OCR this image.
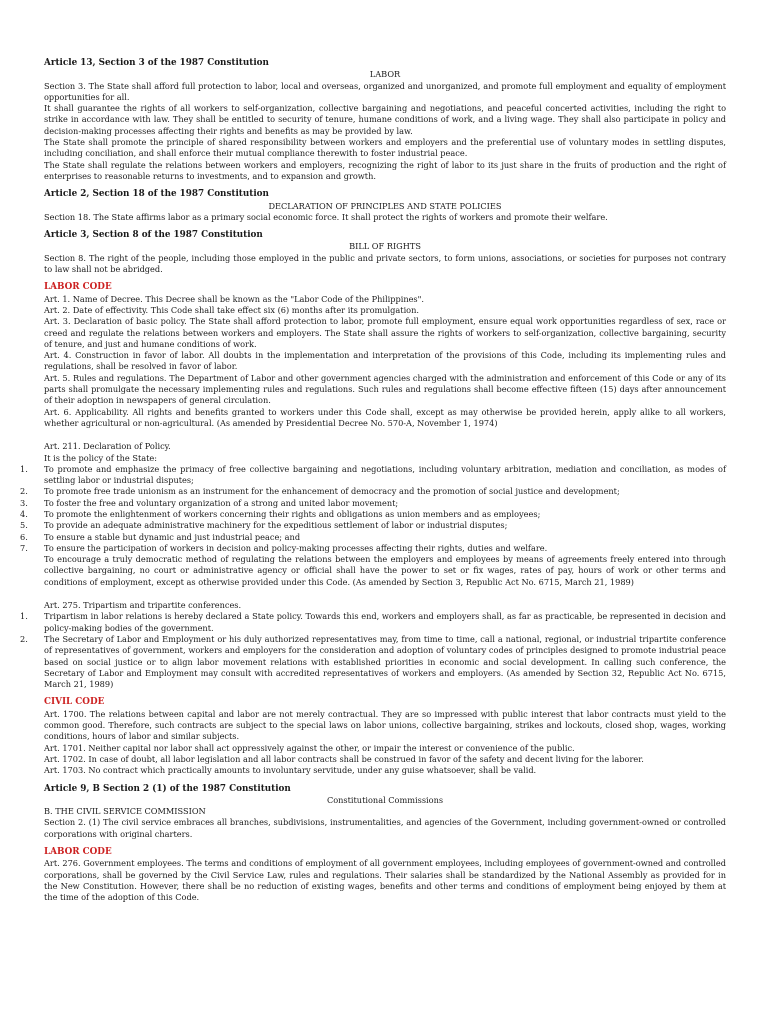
Article 13, Section 3 of the 1987 Constitution
LABOR
Section 3. The State shall afford full protection to labor, local and overseas, organized and unorganized, and promote full employment and equality of employment opportunities for all.
It shall guarantee the rights of all workers to self-organization, collective bargaining and negotiations, and peaceful concerted activities, including the right to strike in accordance with law. They shall be entitled to security of tenure, humane conditions of work, and a living wage. They shall also participate in policy and decision-making processes affecting their rights and benefits as may be provided by law.
The State shall promote the principle of shared responsibility between workers and employers and the preferential use of voluntary modes in settling disputes, including conciliation, and shall enforce their mutual compliance therewith to foster industrial peace.
The State shall regulate the relations between workers and employers, recognizing the right of labor to its just share in the fruits of production and the right of enterprises to reasonable returns to investments, and to expansion and growth.
Article 2, Section 18 of the 1987 Constitution
DECLARATION OF PRINCIPLES AND STATE POLICIES
Section 18. The State affirms labor as a primary social economic force. It shall protect the rights of workers and promote their welfare.
Article 3, Section 8 of the 1987 Constitution
BILL OF RIGHTS
Section 8. The right of the people, including those employed in the public and private sectors, to form unions, associations, or societies for purposes not contrary to law shall not be abridged.
LABOR CODE
Art. 1. Name of Decree. This Decree shall be known as the "Labor Code of the Philippines".
Art. 2. Date of effectivity. This Code shall take effect six (6) months after its promulgation.
Art. 3. Declaration of basic policy. The State shall afford protection to labor, promote full employment, ensure equal work opportunities regardless of sex, race or creed and regulate the relations between workers and employers. The State shall assure the rights of workers to self-organization, collective bargaining, security of tenure, and just and humane conditions of work.
Art. 4. Construction in favor of labor. All doubts in the implementation and interpretation of the provisions of this Code, including its implementing rules and regulations, shall be resolved in favor of labor.
Art. 5. Rules and regulations. The Department of Labor and other government agencies charged with the administration and enforcement of this Code or any of its parts shall promulgate the necessary implementing rules and regulations. Such rules and regulations shall become effective fifteen (15) days after announcement of their adoption in newspapers of general circulation.
Art. 6. Applicability. All rights and benefits granted to workers under this Code shall, except as may otherwise be provided herein, apply alike to all workers, whether agricultural or non-agricultural. (As amended by Presidential Decree No. 570-A, November 1, 1974)
Art. 211. Declaration of Policy.
It is the policy of the State:
1.	To promote and emphasize the primacy of free collective bargaining and negotiations, including voluntary arbitration, mediation and conciliation, as modes of settling labor or industrial disputes;
2.	To promote free trade unionism as an instrument for the enhancement of democracy and the promotion of social justice and development;
3.	To foster the free and voluntary organization of a strong and united labor movement;
4.	To promote the enlightenment of workers concerning their rights and obligations as union members and as employees;
5.	To provide an adequate administrative machinery for the expeditious settlement of labor or industrial disputes;
6.	To ensure a stable but dynamic and just industrial peace; and
7.	To ensure the participation of workers in decision and policy-making processes affecting their rights, duties and welfare.
To encourage a truly democratic method of regulating the relations between the employers and employees by means of agreements freely entered into through collective bargaining, no court or administrative agency or official shall have the power to set or fix wages, rates of pay, hours of work or other terms and conditions of employment, except as otherwise provided under this Code. (As amended by Section 3, Republic Act No. 6715, March 21, 1989)
Art. 275. Tripartism and tripartite conferences.
1.	Tripartism in labor relations is hereby declared a State policy. Towards this end, workers and employers shall, as far as practicable, be represented in decision and policy-making bodies of the government.
2.	The Secretary of Labor and Employment or his duly authorized representatives may, from time to time, call a national, regional, or industrial tripartite conference of representatives of government, workers and employers for the consideration and adoption of voluntary codes of principles designed to promote industrial peace based on social justice or to align labor movement relations with established priorities in economic and social development. In calling such conference, the Secretary of Labor and Employment may consult with accredited representatives of workers and employers. (As amended by Section 32, Republic Act No. 6715, March 21, 1989)
CIVIL CODE
Art. 1700. The relations between capital and labor are not merely contractual. They are so impressed with public interest that labor contracts must yield to the common good. Therefore, such contracts are subject to the special laws on labor unions, collective bargaining, strikes and lockouts, closed shop, wages, working conditions, hours of labor and similar subjects.
Art. 1701. Neither capital nor labor shall act oppressively against the other, or impair the interest or convenience of the public.
Art. 1702. In case of doubt, all labor legislation and all labor contracts shall be construed in favor of the safety and decent living for the laborer.
Art. 1703. No contract which practically amounts to involuntary servitude, under any guise whatsoever, shall be valid.
Article 9, B Section 2 (1) of the 1987 Constitution
Constitutional Commissions
B. THE CIVIL SERVICE COMMISSION
Section 2. (1) The civil service embraces all branches, subdivisions, instrumentalities, and agencies of the Government, including government-owned or controlled corporations with original charters.
LABOR CODE
Art. 276. Government employees. The terms and conditions of employment of all government employees, including employees of government-owned and controlled corporations, shall be governed by the Civil Service Law, rules and regulations. Their salaries shall be standardized by the National Assembly as provided for in the New Constitution. However, there shall be no reduction of existing wages, benefits and other terms and conditions of employment being enjoyed by them at the time of the adoption of this Code.
